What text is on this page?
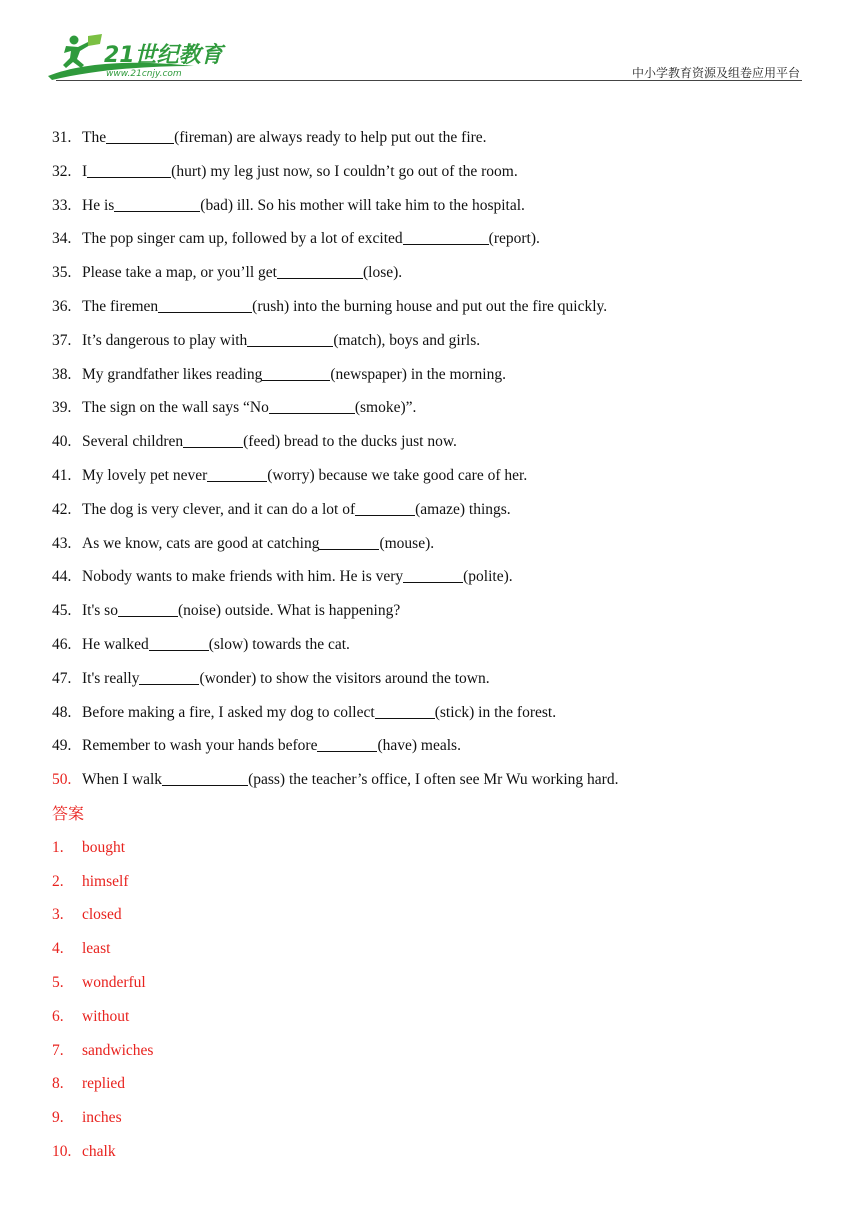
21世纪教育
www.21cnjy.com	中小学教育资源及组卷应用平台
31. The	(fireman) are always ready to help put out the fire.
32. I	(hurt) my leg just now, so I couldn’t go out of the room.
33. He is	(bad) ill. So his mother will take him to the hospital.
34. The pop singer cam up, followed by a lot of excited	(report).
35. Please take a map, or you’ll get	(lose).
36. The firemen	(rush) into the burning house and put out the fire quickly.
37. It’s dangerous to play with	(match), boys and girls.
38. My grandfather likes reading	(newspaper) in the morning.
39. The sign on the wall says “No	(smoke)”.
40. Several children	(feed) bread to the ducks just now.
41. My lovely pet never	(worry) because we take good care of her.
42. The dog is very clever, and it can do a lot of	(amaze) things.
43. As we know, cats are good at catching	(mouse).
44. Nobody wants to make friends with him. He is very	(polite).
45. It's so	(noise) outside. What is happening?
46. He walked	(slow) towards the cat.
47. It's really	(wonder) to show the visitors around the town.
48. Before making a fire, I asked my dog to collect	(stick) in the forest.
49. Remember to wash your hands before	(have) meals.
50. When I walk	(pass) the teacher’s office, I often see Mr Wu working hard.
答案
1. bought
2. himself
3. closed
4. least
5. wonderful
6. without
7. sandwiches
8. replied
9. inches
10. chalk
